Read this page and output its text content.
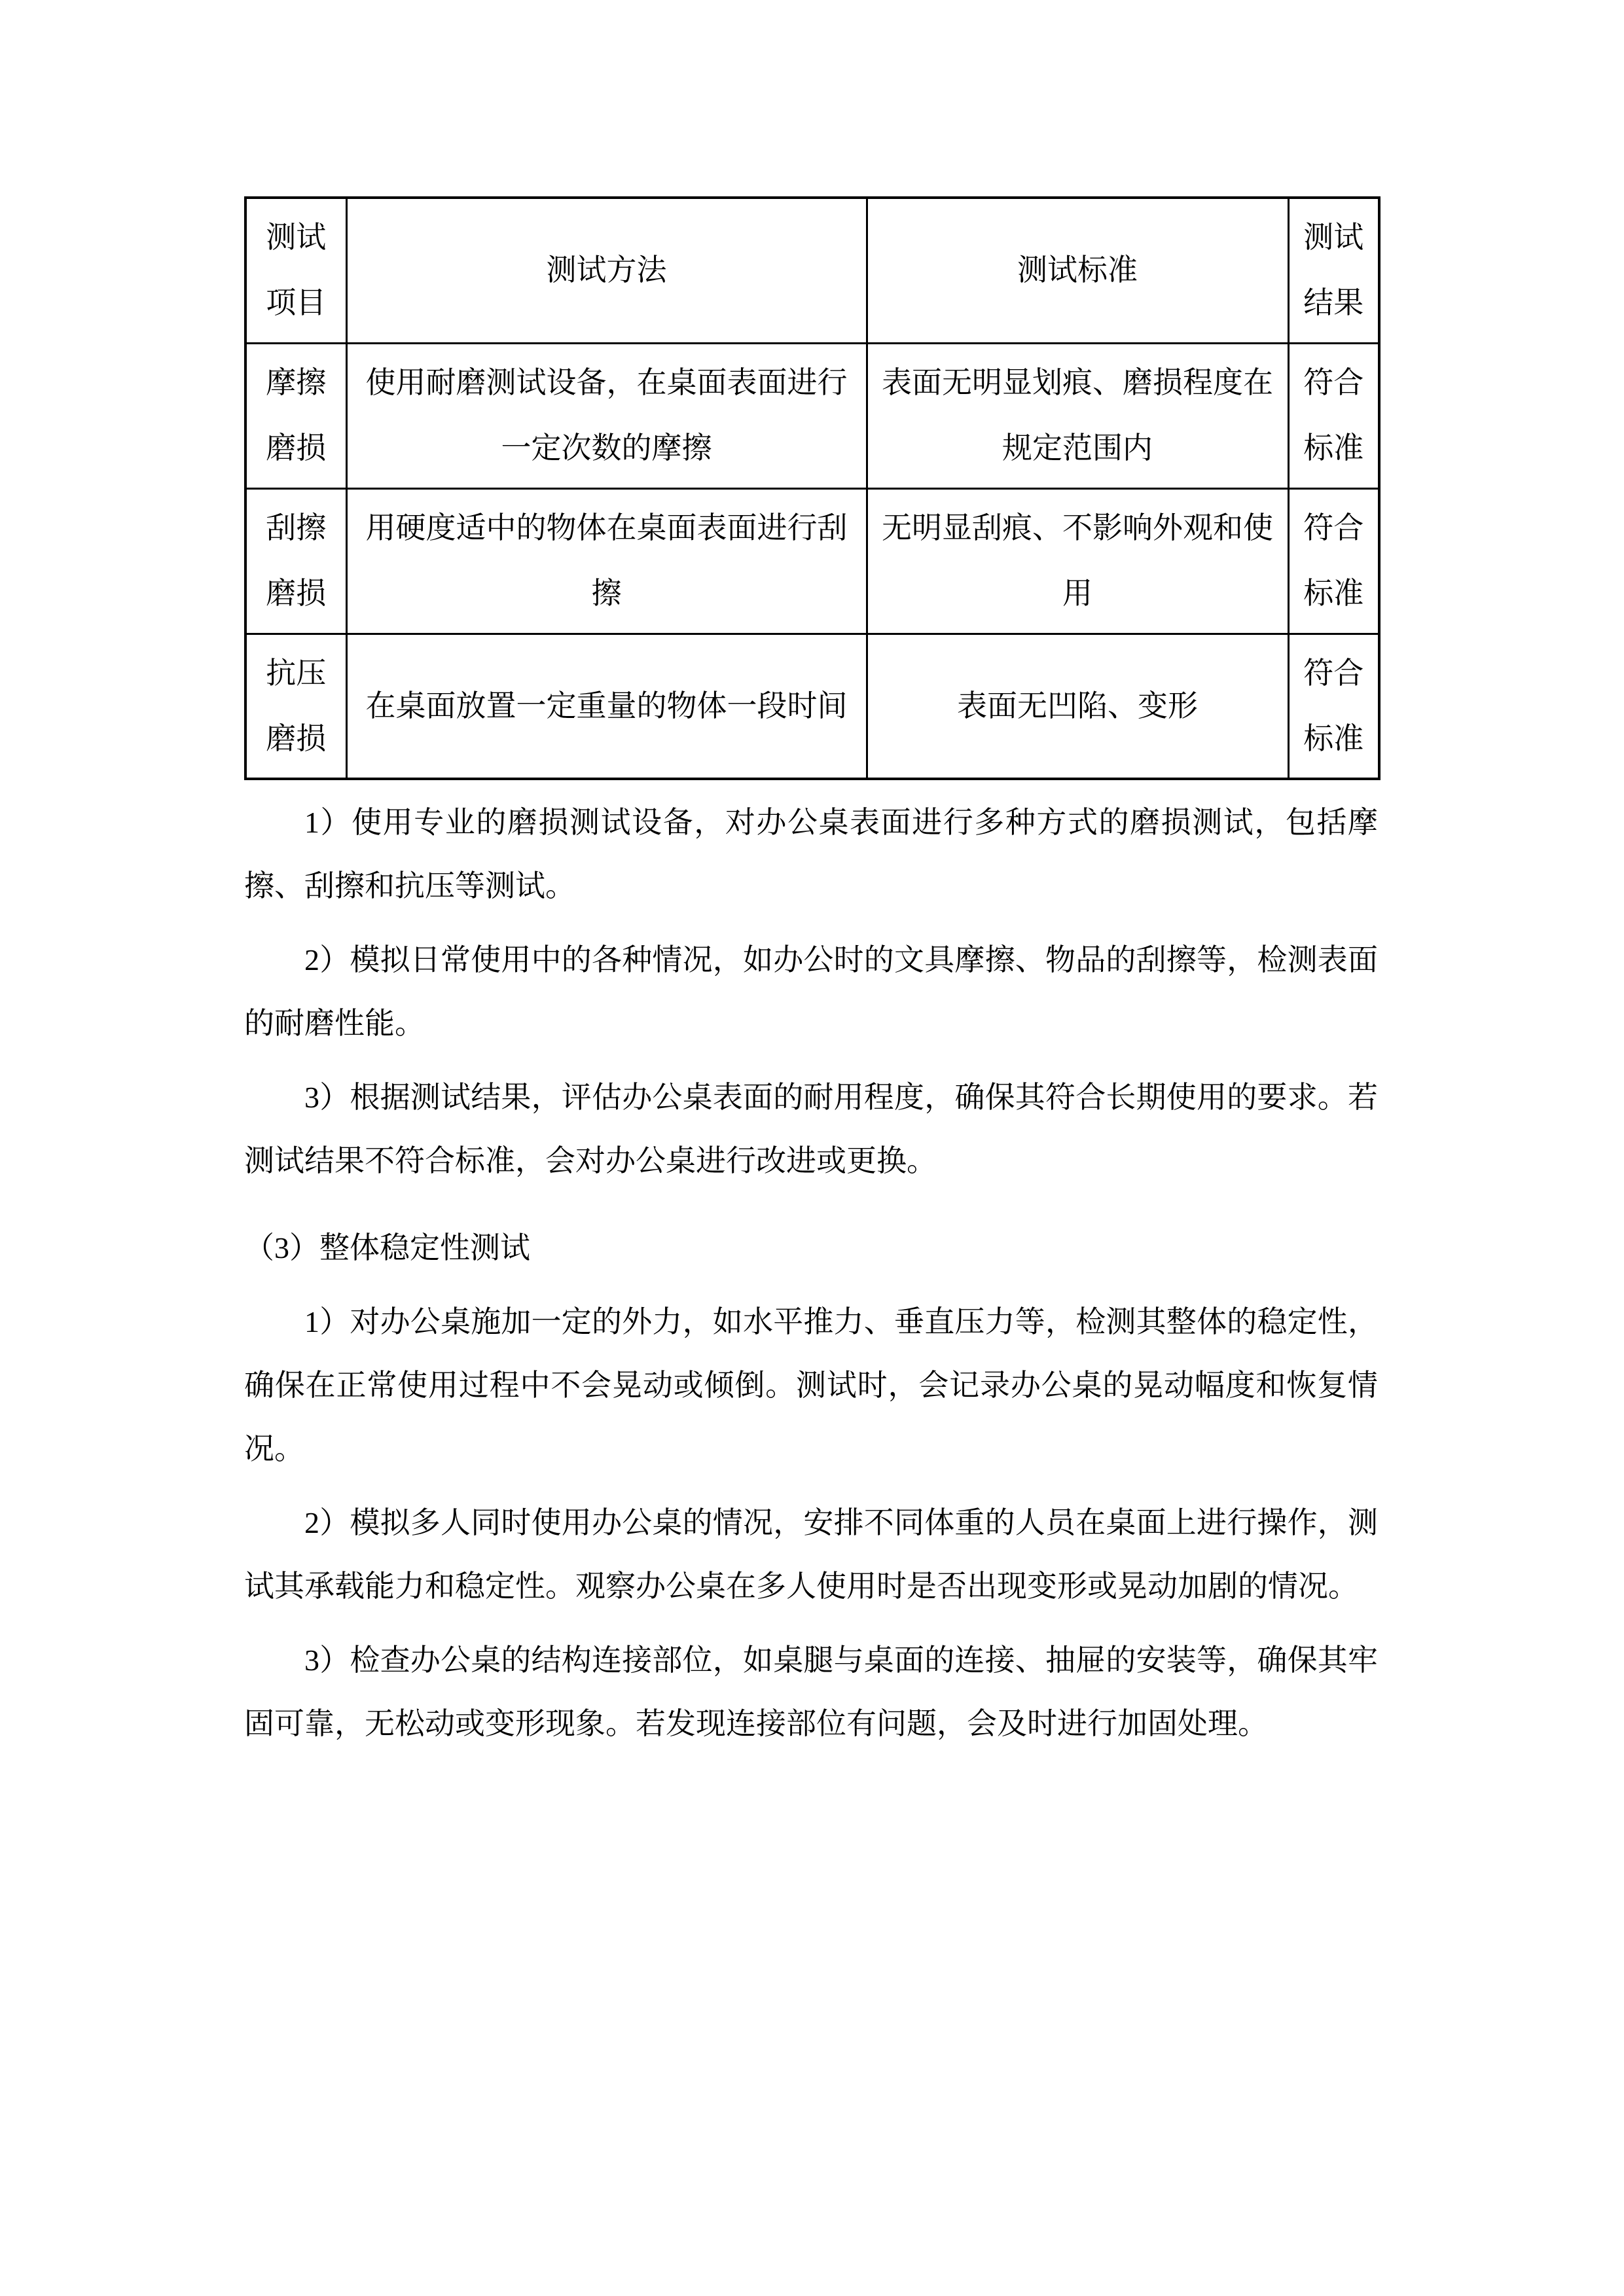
测试项目	测试方法	测试标准	测试结果
摩擦磨损	使用耐磨测试设备，在桌面表面进行一定次数的摩擦	表面无明显划痕、磨损程度在规定范围内	符合标准
刮擦磨损	用硬度适中的物体在桌面表面进行刮擦	无明显刮痕、不影响外观和使用	符合标准
抗压磨损	在桌面放置一定重量的物体一段时间	表面无凹陷、变形	符合标准

1）使用专业的磨损测试设备，对办公桌表面进行多种方式的磨损测试，包括摩擦、刮擦和抗压等测试。

2）模拟日常使用中的各种情况，如办公时的文具摩擦、物品的刮擦等，检测表面的耐磨性能。

3）根据测试结果，评估办公桌表面的耐用程度，确保其符合长期使用的要求。若测试结果不符合标准，会对办公桌进行改进或更换。

（3）整体稳定性测试

1）对办公桌施加一定的外力，如水平推力、垂直压力等，检测其整体的稳定性，确保在正常使用过程中不会晃动或倾倒。测试时，会记录办公桌的晃动幅度和恢复情况。

2）模拟多人同时使用办公桌的情况，安排不同体重的人员在桌面上进行操作，测试其承载能力和稳定性。观察办公桌在多人使用时是否出现变形或晃动加剧的情况。

3）检查办公桌的结构连接部位，如桌腿与桌面的连接、抽屉的安装等，确保其牢固可靠，无松动或变形现象。若发现连接部位有问题，会及时进行加固处理。
